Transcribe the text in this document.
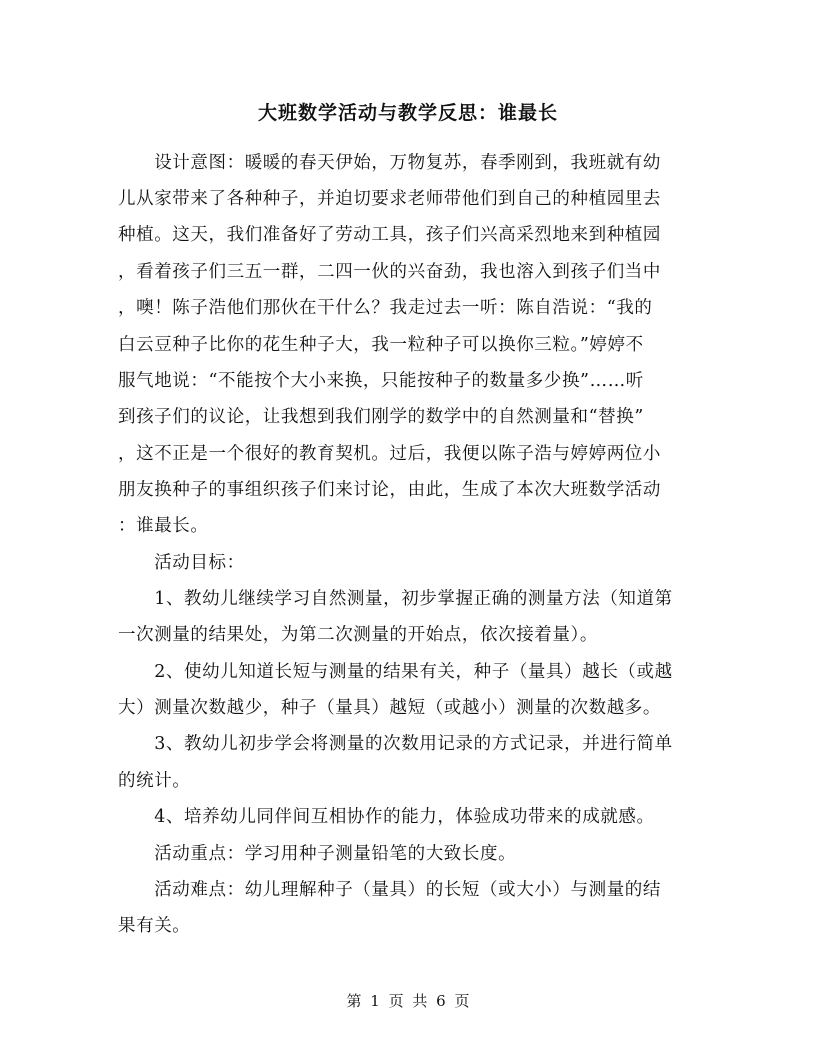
大班数学活动与教学反思：谁最长
　　设计意图：暖暖的春天伊始，万物复苏，春季刚到，我班就有幼
儿从家带来了各种种子，并迫切要求老师带他们到自己的种植园里去
种植。这天，我们准备好了劳动工具，孩子们兴高采烈地来到种植园
，看着孩子们三五一群，二四一伙的兴奋劲，我也溶入到孩子们当中
，噢！陈子浩他们那伙在干什么？我走过去一听：陈自浩说：“我的
白云豆种子比你的花生种子大，我一粒种子可以换你三粒。”婷婷不
服气地说：“不能按个大小来换，只能按种子的数量多少换”……听
到孩子们的议论，让我想到我们刚学的数学中的自然测量和“替换”
，这不正是一个很好的教育契机。过后，我便以陈子浩与婷婷两位小
朋友换种子的事组织孩子们来讨论，由此，生成了本次大班数学活动
：谁最长。
　　活动目标：
　　1、教幼儿继续学习自然测量，初步掌握正确的测量方法（知道第
一次测量的结果处，为第二次测量的开始点，依次接着量）。
　　2、使幼儿知道长短与测量的结果有关，种子（量具）越长（或越
大）测量次数越少，种子（量具）越短（或越小）测量的次数越多。
　　3、教幼儿初步学会将测量的次数用记录的方式记录，并进行简单
的统计。
　　4、培养幼儿同伴间互相协作的能力，体验成功带来的成就感。
　　活动重点：学习用种子测量铅笔的大致长度。
　　活动难点：幼儿理解种子（量具）的长短（或大小）与测量的结
果有关。
第 1 页 共 6 页
